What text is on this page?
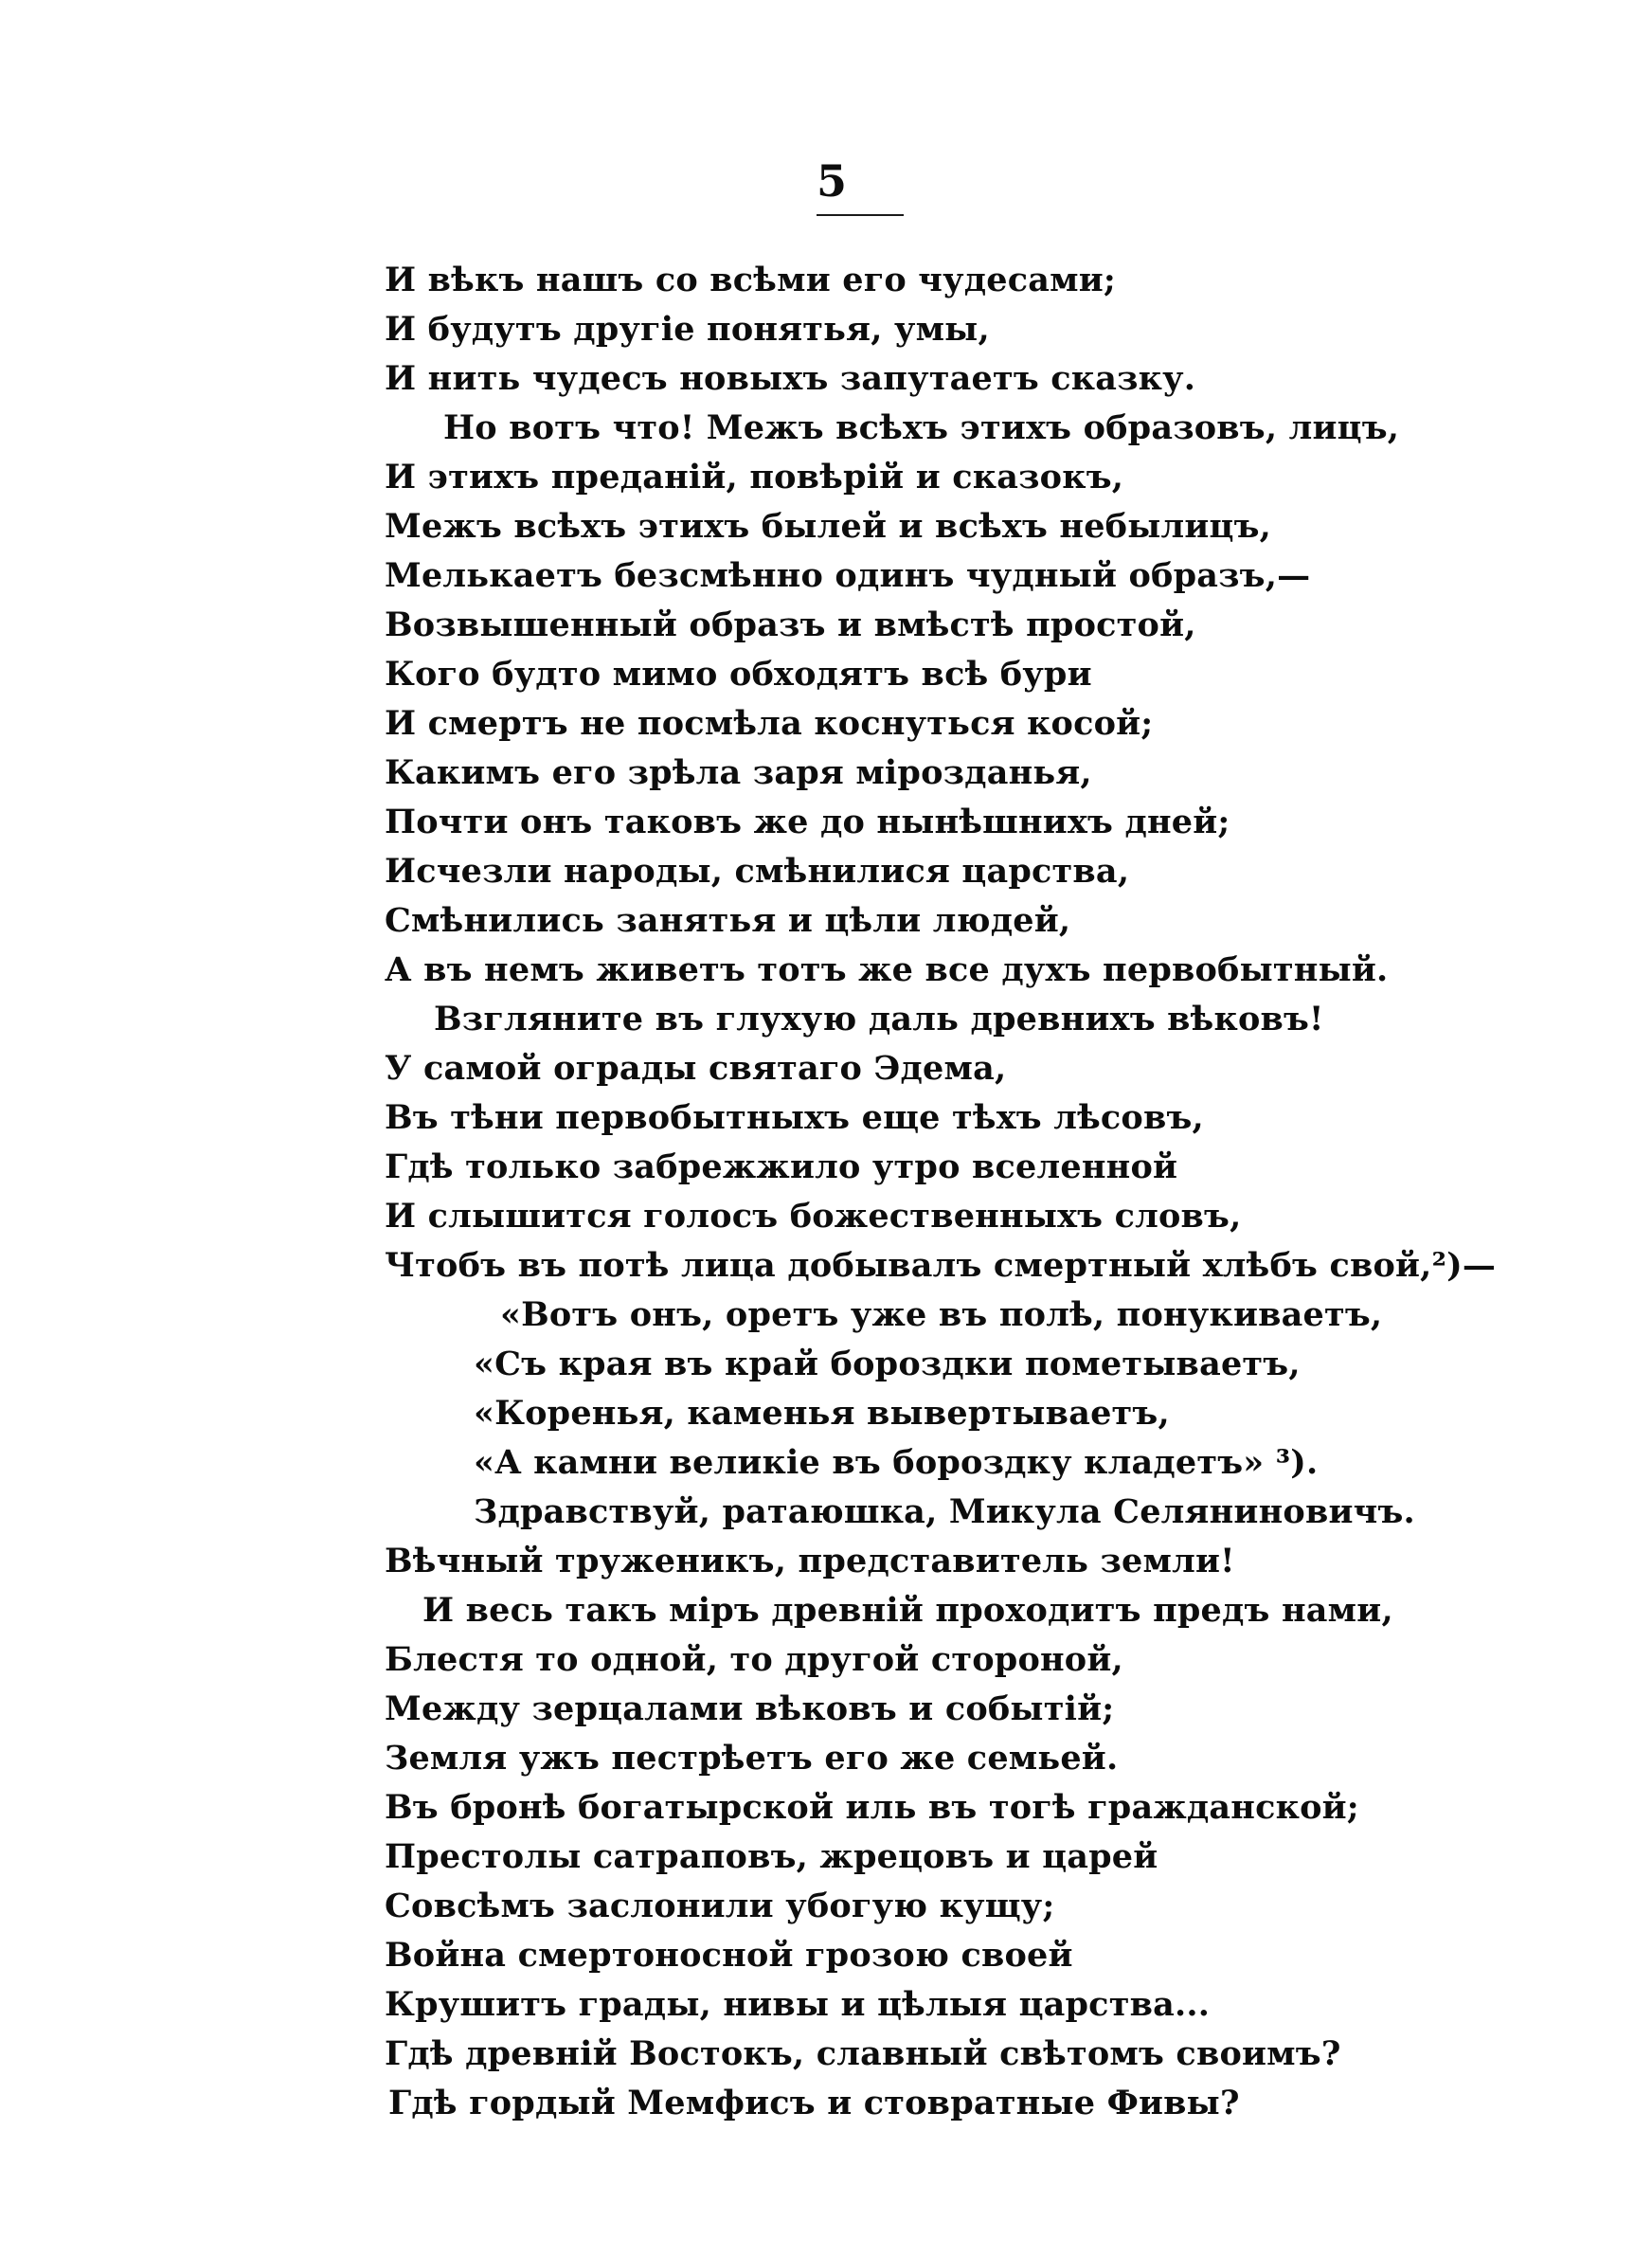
5
И вѣкъ нашъ со всѣми его чудесами;
И будутъ другіе понятья, умы,
И нить чудесъ новыхъ запутаетъ сказку.
Но вотъ что! Межъ всѣхъ этихъ образовъ, лицъ,
И этихъ преданій, повѣрій и сказокъ,
Межъ всѣхъ этихъ былей и всѣхъ небылицъ,
Мелькаетъ безсмѣнно одинъ чудный образъ,—
Возвышенный образъ и вмѣстѣ простой,
Кого будто мимо обходятъ всѣ бури
И смертъ не посмѣла коснуться косой;
Какимъ его зрѣла заря мірозданья,
Почти онъ таковъ же до нынѣшнихъ дней;
Исчезли народы, смѣнилися царства,
Смѣнились занятья и цѣли людей,
А въ немъ живетъ тотъ же все духъ первобытный.
Взгляните въ глухую даль древнихъ вѣковъ!
У самой ограды святаго Эдема,
Въ тѣни первобытныхъ еще тѣхъ лѣсовъ,
Гдѣ только забрежжило утро вселенной
И слышится голосъ божественныхъ словъ,
Чтобъ въ потѣ лица добывалъ смертный хлѣбъ свой,²)—
«Вотъ онъ, оретъ уже въ полѣ, понукиваетъ,
«Съ края въ край бороздки пометываетъ,
«Коренья, каменья вывертываетъ,
«А камни великіе въ бороздку кладетъ» ³).
Здравствуй, ратаюшка, Микула Селяниновичъ.
Вѣчный труженикъ, представитель земли!
И весь такъ міръ древній проходитъ предъ нами,
Блестя то одной, то другой стороной,
Между зерцалами вѣковъ и событій;
Земля ужъ пестрѣетъ его же семьей.
Въ бронѣ богатырской иль въ тогѣ гражданской;
Престолы сатраповъ, жрецовъ и царей
Совсѣмъ заслонили убогую кущу;
Война смертоносной грозою своей
Крушитъ грады, нивы и цѣлыя царства...
Гдѣ древній Востокъ, славный свѣтомъ своимъ?
Гдѣ гордый Мемфисъ и стовратные Фивы?
